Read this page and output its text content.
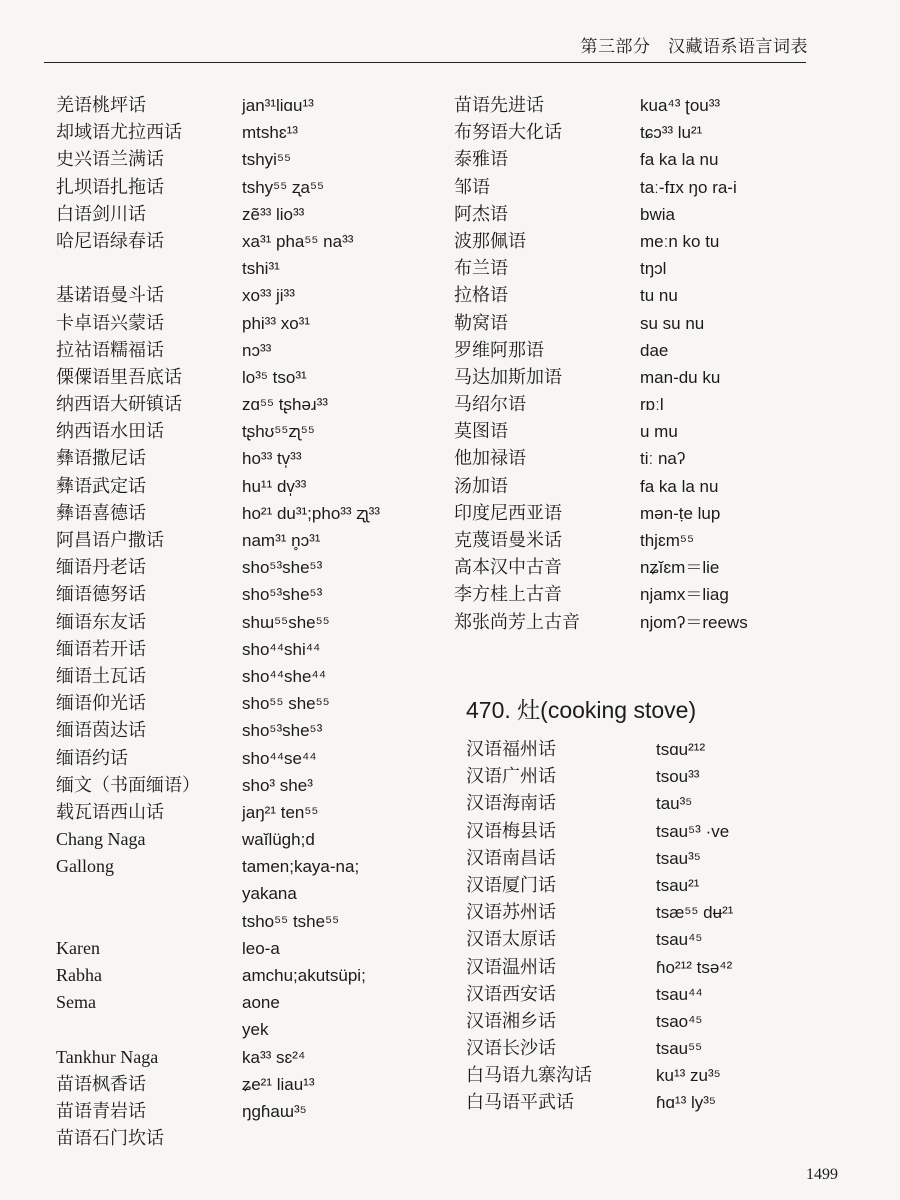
第三部分　汉藏语系语言词表
羌语桃坪话	jan³¹liɑu¹³
却域语尤拉西话	mtshɛ¹³
史兴语兰满话	tshyi⁵⁵
扎坝语扎拖话	tshy⁵⁵ ʐa⁵⁵
白语剑川话	zẽ³³ lio³³
哈尼语绿春话	xa³¹ pha⁵⁵ na³³
tshi³¹
基诺语曼斗话	xo³³ ji³³
卡卓语兴蒙话	phi³³ xo³¹
拉祜语糯福话	nɔ³³
傈僳语里吾底话	lo³⁵ tso³¹
纳西语大研镇话	zɑ⁵⁵ tʂhəɹ³³
纳西语水田话	tʂhʊ⁵⁵zʅ⁵⁵
彝语撒尼话	ho³³ tv̩³³
彝语武定话	hu¹¹ dv̩³³
彝语喜德话	ho²¹ du³¹;pho³³ ʐʅ³³
阿昌语户撒话	nam³¹ n̥ɔ³¹
缅语丹老话	sho⁵³she⁵³
缅语德努话	sho⁵³she⁵³
缅语东友话	shɯ⁵⁵she⁵⁵
缅语若开话	sho⁴⁴shi⁴⁴
缅语土瓦话	sho⁴⁴she⁴⁴
缅语仰光话	sho⁵⁵ she⁵⁵
缅语茵达话	sho⁵³she⁵³
缅语约话	sho⁴⁴se⁴⁴
缅文（书面缅语） sho³ she³
载瓦语西山话	jaŋ²¹ ten⁵⁵
Chang Naga	waĭlügh;d
Gallong	tamen;kaya-na;
yakana
tsho⁵⁵ tshe⁵⁵
Karen	leo-a
Rabha	amchu;akutsüpi;
Sema	aone
yek
Tankhur Naga	ka³³ sɛ²⁴
苗语枫香话	ʑe²¹ liau¹³
苗语青岩话	ŋɡɦaɯ³⁵
苗语石门坎话
苗语先进话	kua⁴³ ʈou³³
布努语大化话	tɕɔ³³ lu²¹
泰雅语	fa ka la nu
邹语	taː-fɪx ŋo ra-i
阿杰语	bwia
波那佩语	meːn ko tu
布兰语	tŋɔl
拉格语	tu nu
勒窝语	su su nu
罗维阿那语	dae
马达加斯加语	man-du ku
马绍尔语	rɒːl
莫图语	u mu
他加禄语	tiː naʔ
汤加语	fa ka la nu
印度尼西亚语	mən-ṭe lup
克蔑语曼米话	thjɛm⁵⁵
高本汉中古音	nʑĭɛm＝lie
李方桂上古音	njamx＝liag
郑张尚芳上古音	njomʔ＝reews
470. 灶(cooking stove)
汉语福州话	tsɑu²¹²
汉语广州话	tsou³³
汉语海南话	tau³⁵
汉语梅县话	tsau⁵³ ·ve
汉语南昌话	tsau³⁵
汉语厦门话	tsau²¹
汉语苏州话	tsæ⁵⁵ dʉ²¹
汉语太原话	tsau⁴⁵
汉语温州话	ɦo²¹² tsə⁴²
汉语西安话	tsau⁴⁴
汉语湘乡话	tsao⁴⁵
汉语长沙话	tsau⁵⁵
白马语九寨沟话	ku¹³ zu³⁵
白马语平武话	ɦɑ¹³ ly³⁵
1499
